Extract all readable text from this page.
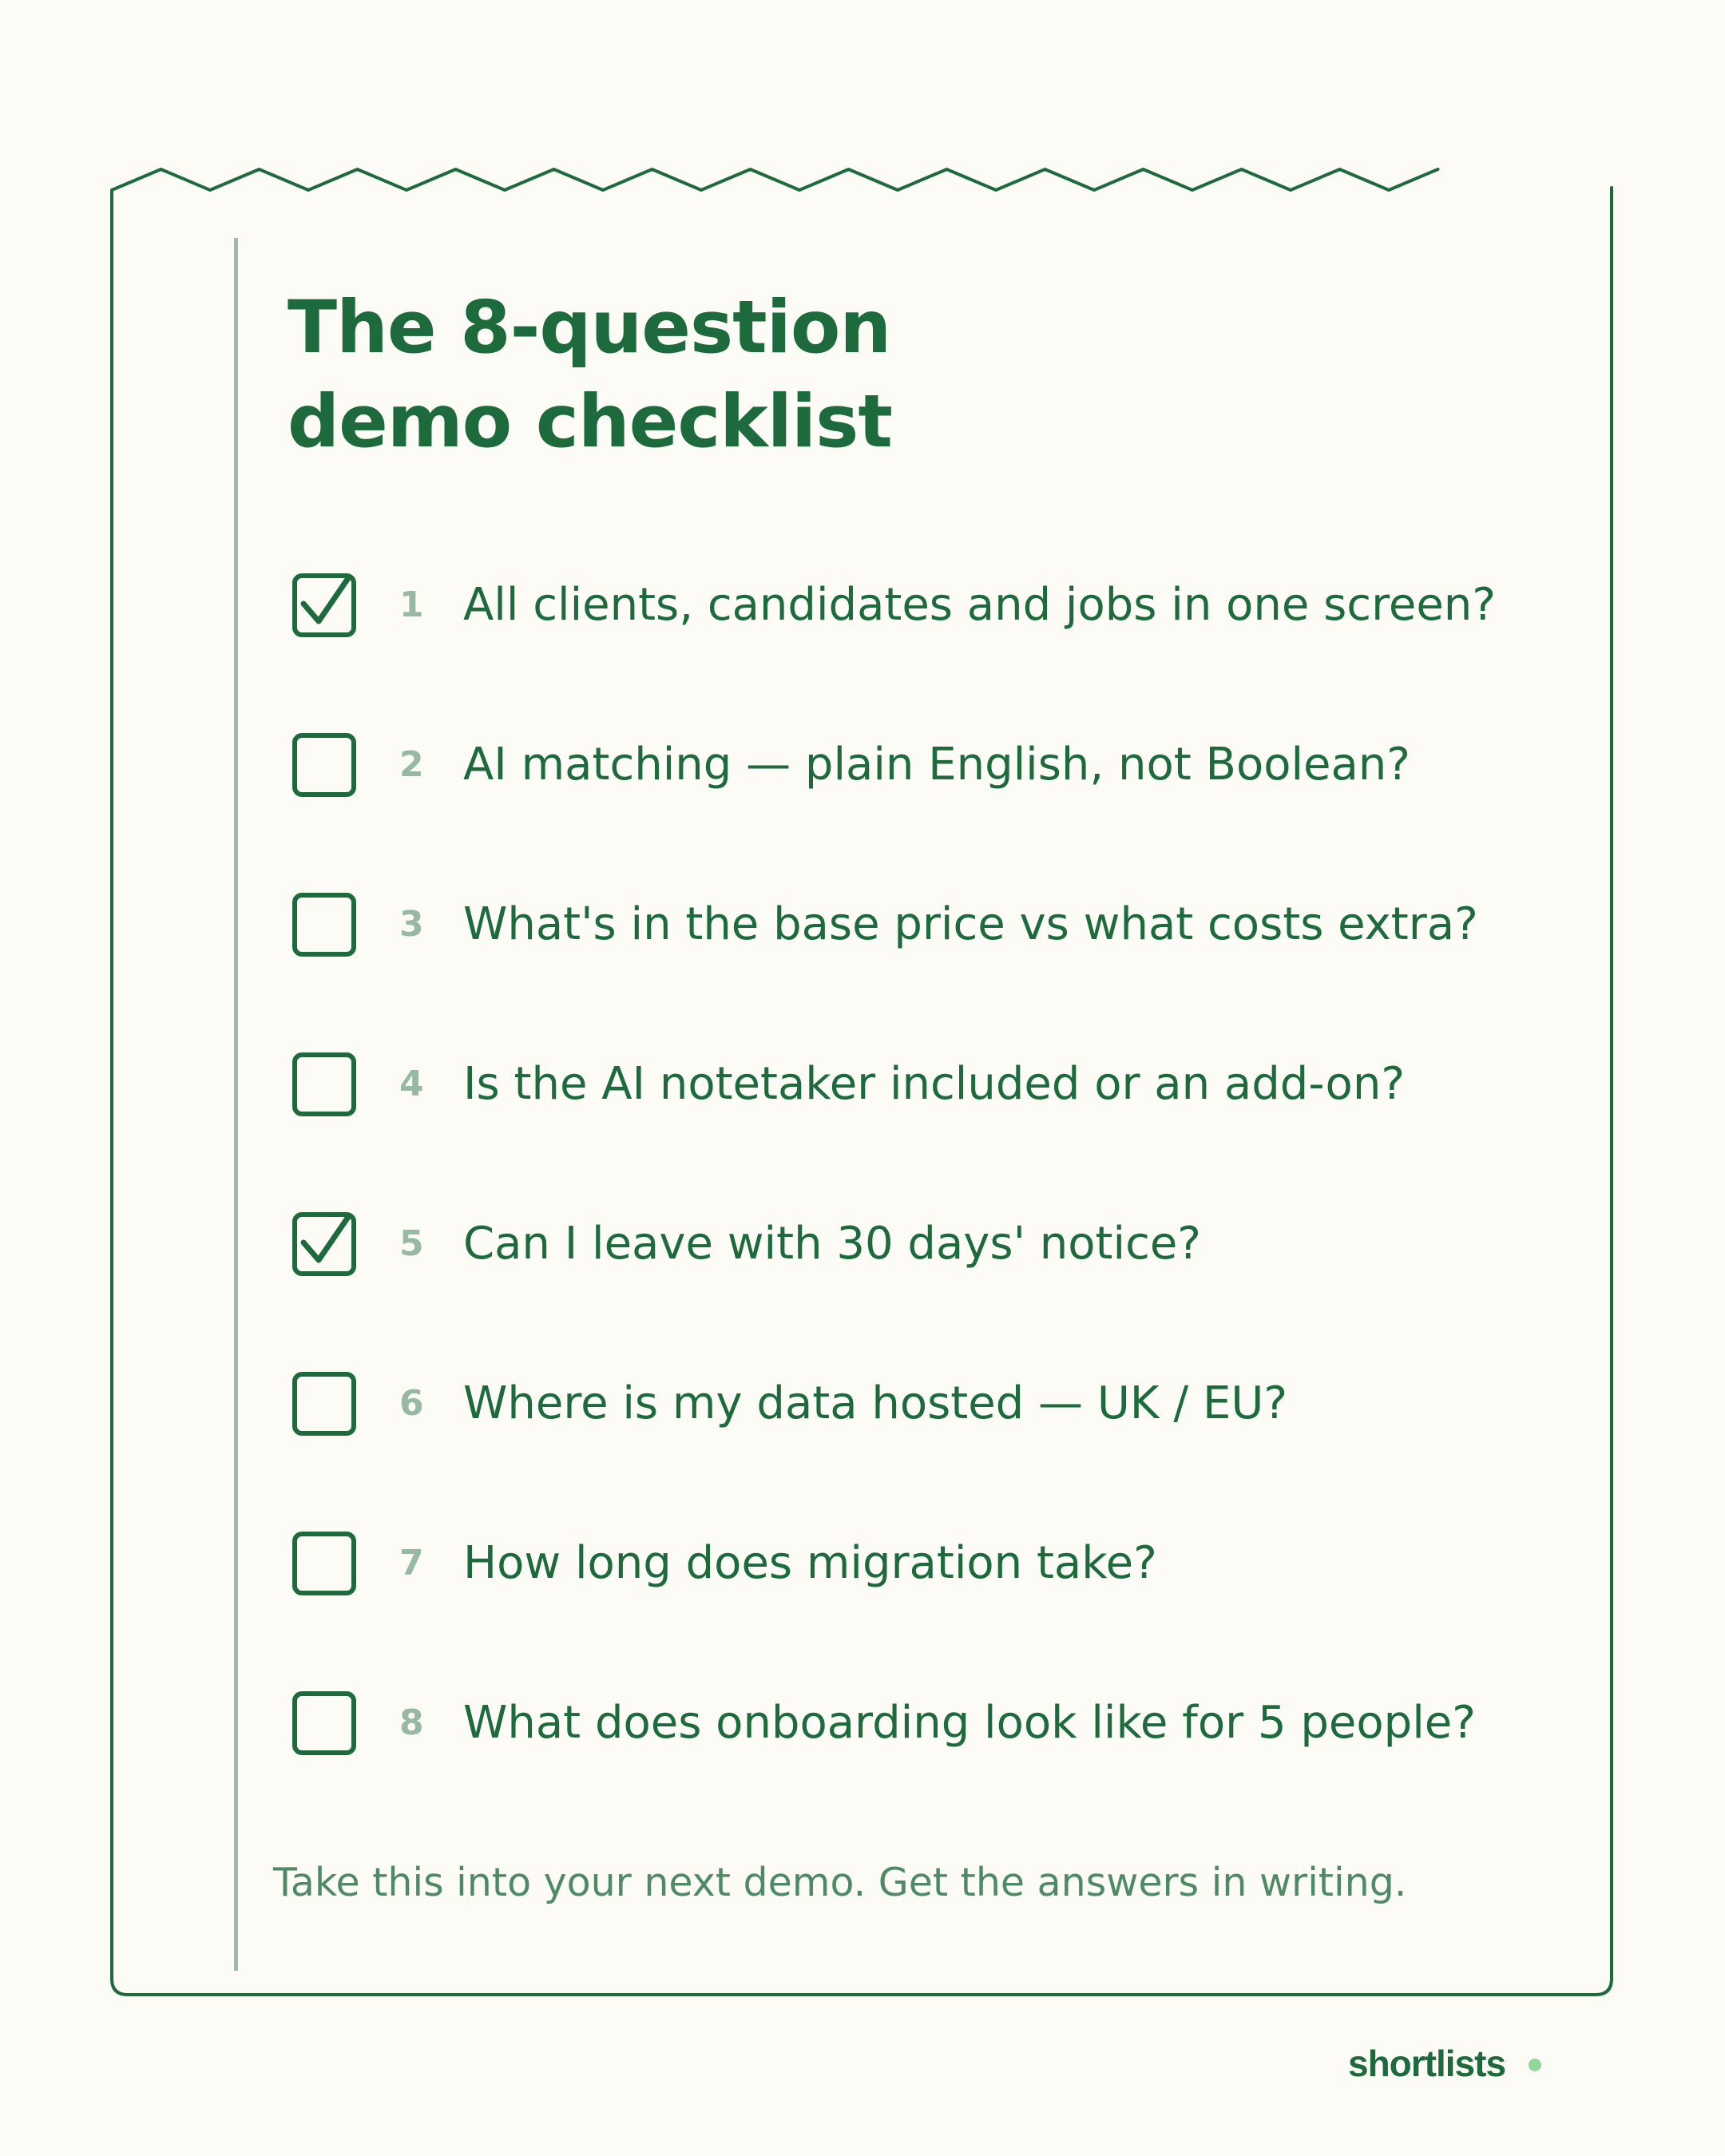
The 8-question
demo checklist
1 All clients, candidates and jobs in one screen?
2 AI matching — plain English, not Boolean?
3 What's in the base price vs what costs extra?
4 Is the AI notetaker included or an add-on?
5 Can I leave with 30 days' notice?
6 Where is my data hosted — UK / EU?
7 How long does migration take?
8 What does onboarding look like for 5 people?
Take this into your next demo. Get the answers in writing.
shortlists
